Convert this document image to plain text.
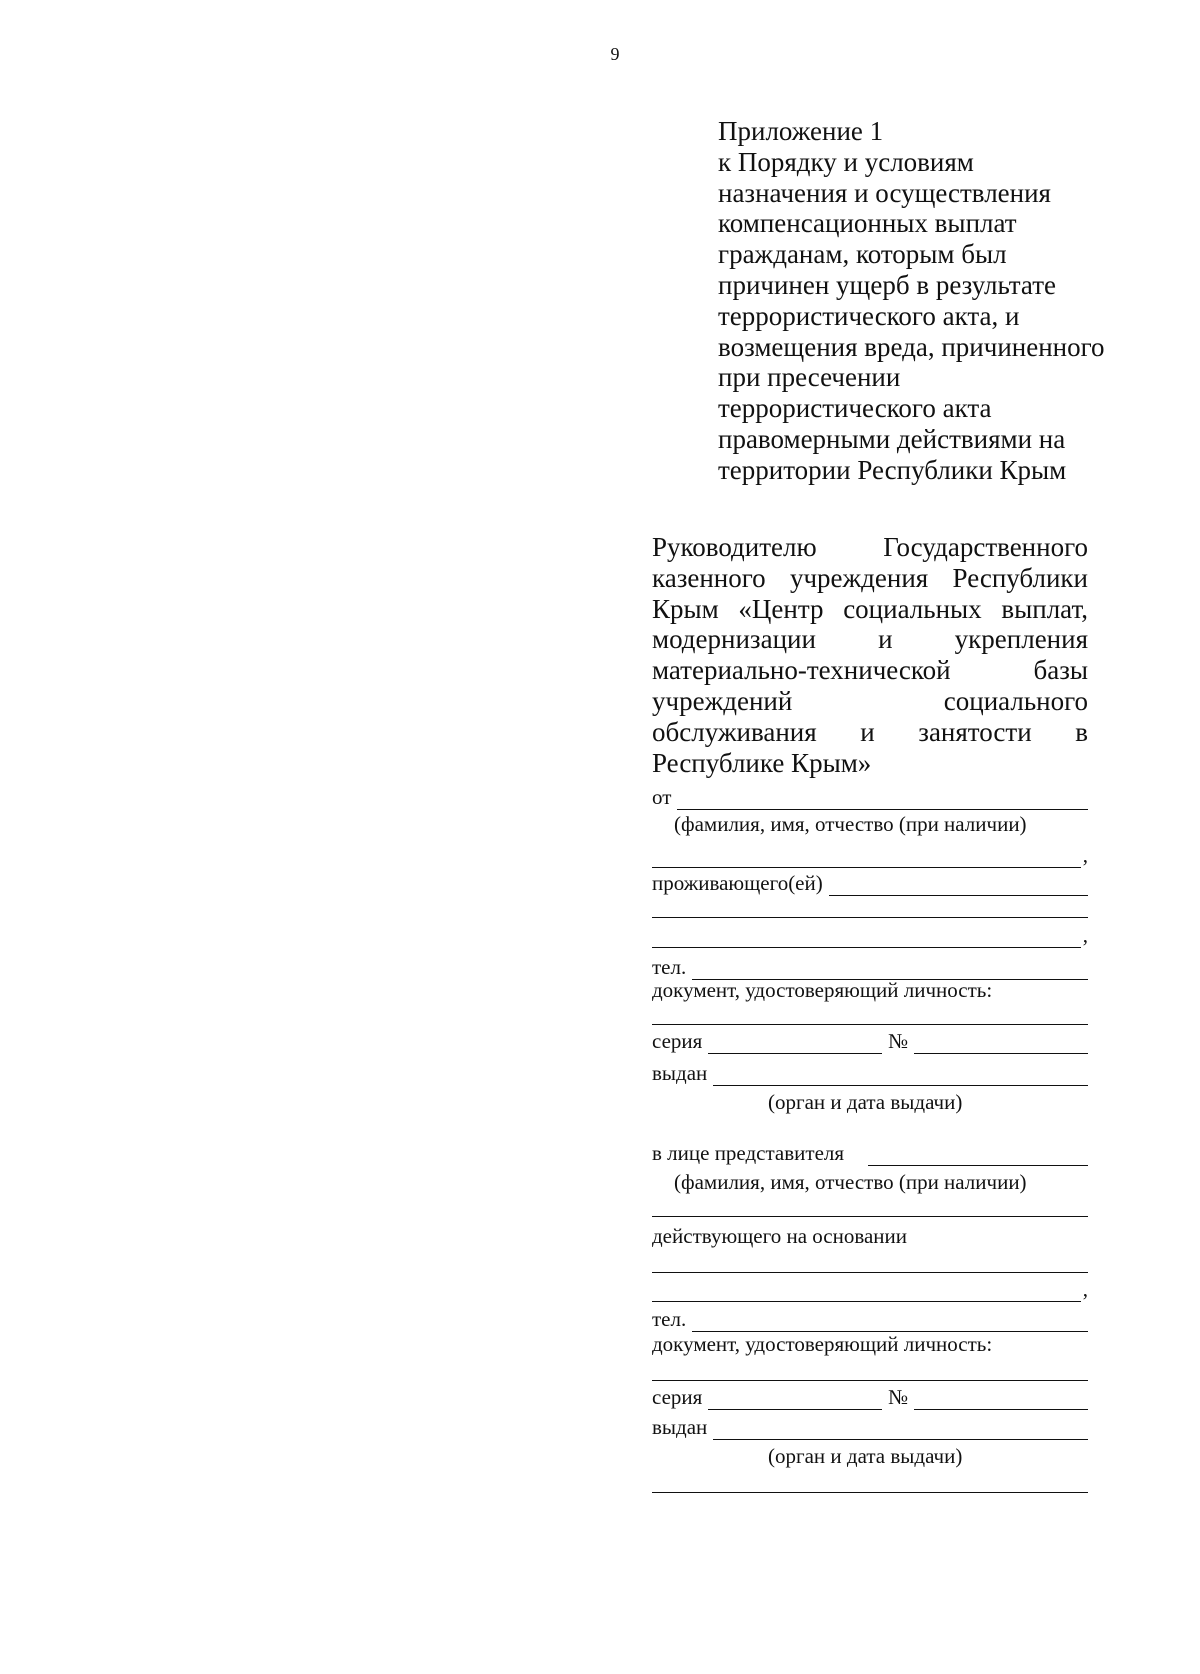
9
Приложение 1
к Порядку и условиям
назначения и осуществления
компенсационных выплат
гражданам, которым был
причинен ущерб в результате
террористического акта, и
возмещения вреда, причиненного
при пресечении
террористического акта
правомерными действиями на
территории Республики Крым
Руководителю Государственного
казенного учреждения Республики
Крым «Центр социальных выплат,
модернизации и укрепления
материально-технической базы
учреждений социального
обслуживания и занятости в
Республике Крым»
от
(фамилия, имя, отчество (при наличии)
,
проживающего(ей)
,
тел.
документ, удостоверяющий личность:
серия	№
выдан
(орган и дата выдачи)
в лице представителя
(фамилия, имя, отчество (при наличии)
действующего на основании
,
тел.
документ, удостоверяющий личность:
серия	№
выдан
(орган и дата выдачи)
